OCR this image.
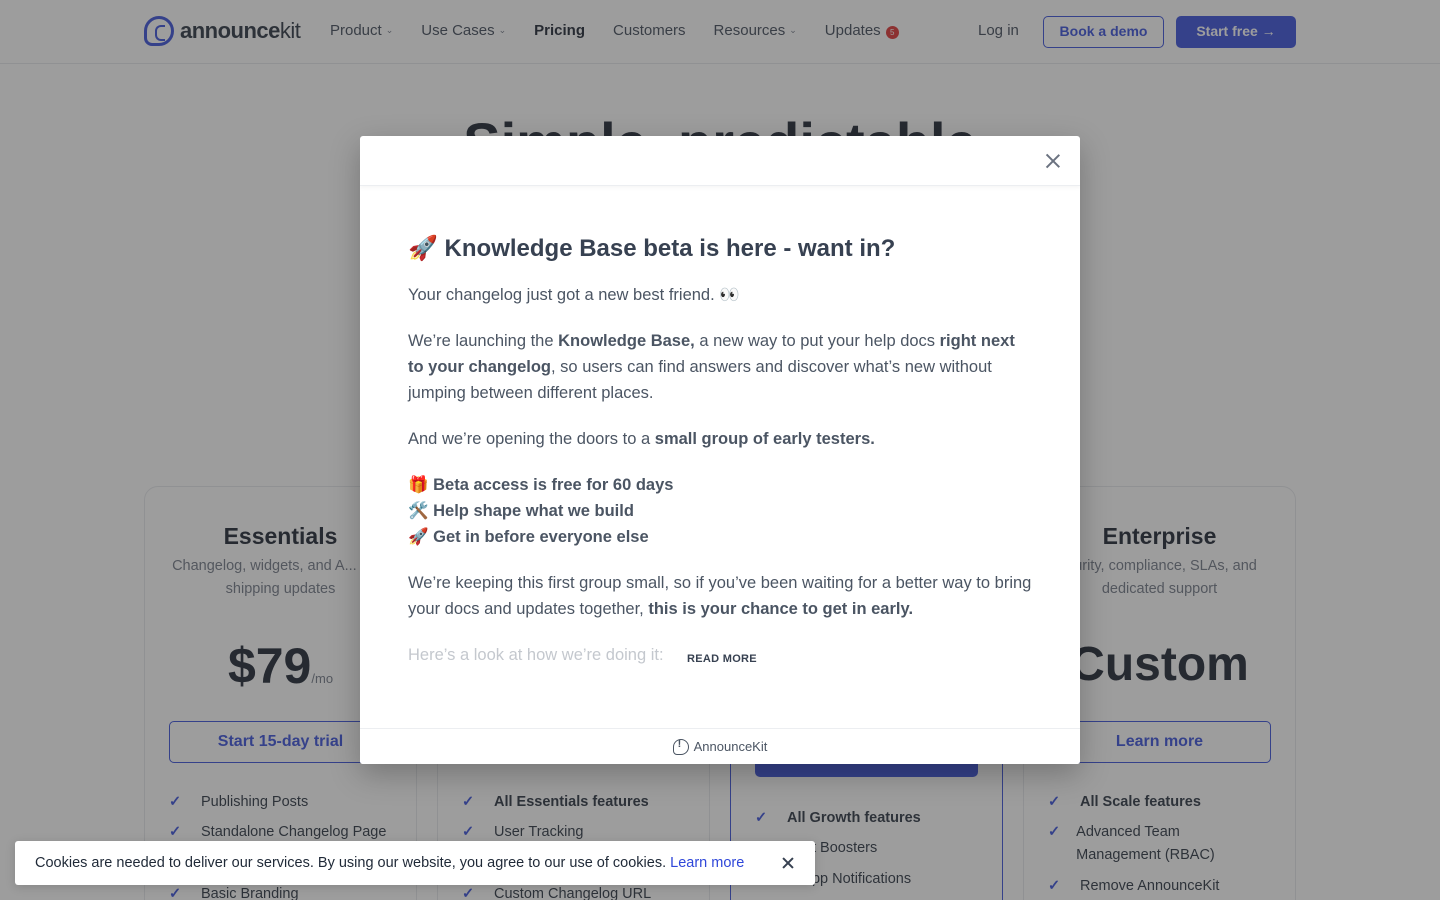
🚀 Knowledge Base beta is here - want in?

Your changelog just got a new best friend. 👀

We’re launching the Knowledge Base, a new way to put your help docs right next to your changelog, so users can find answers and discover what’s new without jumping between different places.

And we’re opening the doors to a small group of early testers.

🎁 Beta access is free for 60 days
🛠️ Help shape what we build
🚀 Get in before everyone else

We’re keeping this first group small, so if you’ve been waiting for a better way to bring your docs and updates together, this is your chance to get in early.

Here’s a look at how we’re doing it: READ MORE
!
AnnounceKit
Cookies are needed to deliver our services. By using our website, you agree to our use of cookies. Learn more
